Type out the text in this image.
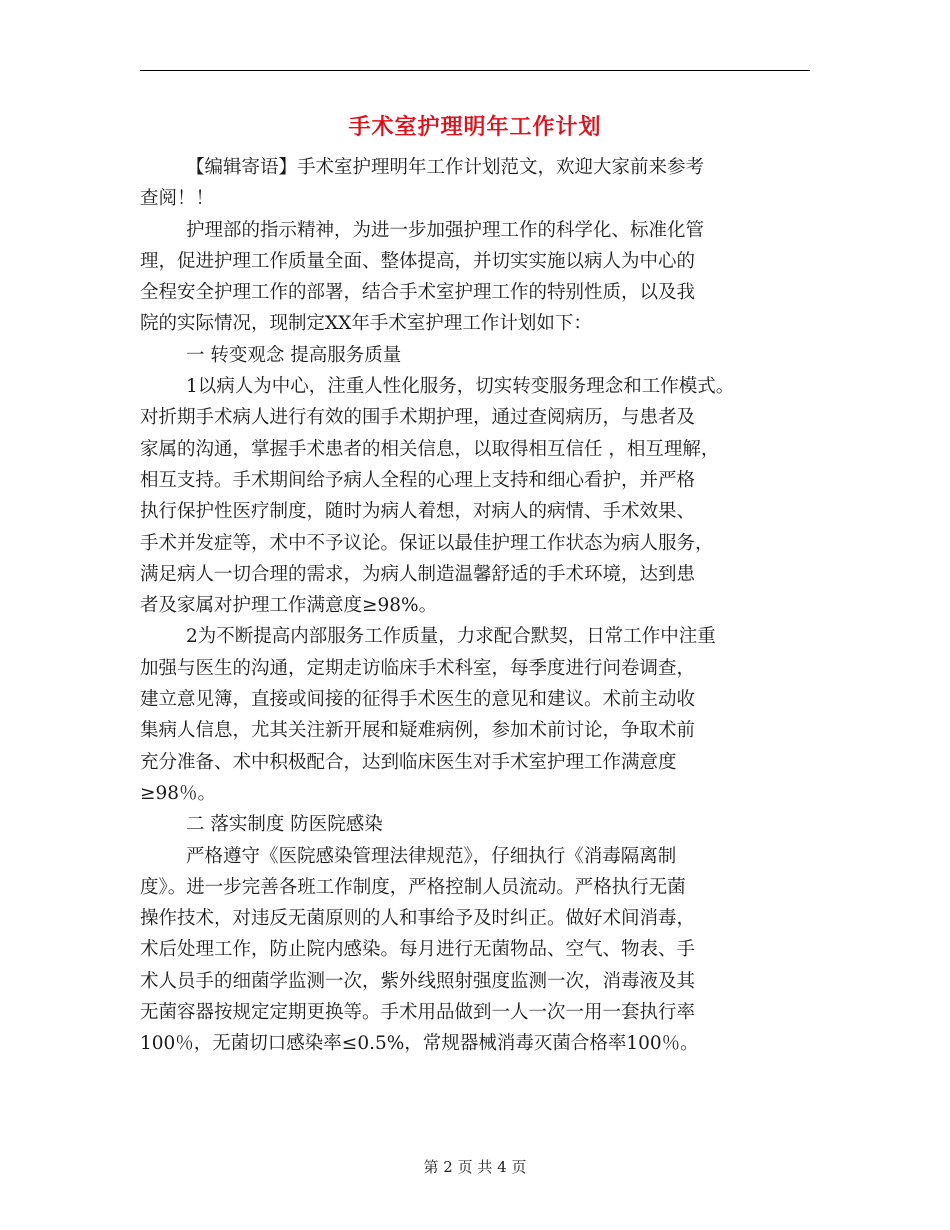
手术室护理明年工作计划
【编辑寄语】手术室护理明年工作计划范文，欢迎大家前来参考
查阅！！
护理部的指示精神，为进一步加强护理工作的科学化、标准化管
理，促进护理工作质量全面、整体提高，并切实实施以病人为中心的
全程安全护理工作的部署，结合手术室护理工作的特别性质，以及我
院的实际情况，现制定XX年手术室护理工作计划如下：
一 转变观念 提高服务质量
1以病人为中心，注重人性化服务，切实转变服务理念和工作模式。
对折期手术病人进行有效的围手术期护理，通过查阅病历，与患者及
家属的沟通，掌握手术患者的相关信息，以取得相互信任 ，相互理解，
相互支持。手术期间给予病人全程的心理上支持和细心看护，并严格
执行保护性医疗制度，随时为病人着想，对病人的病情、手术效果、
手术并发症等，术中不予议论。保证以最佳护理工作状态为病人服务，
满足病人一切合理的需求，为病人制造温馨舒适的手术环境，达到患
者及家属对护理工作满意度≥98%。
2为不断提高内部服务工作质量，力求配合默契，日常工作中注重
加强与医生的沟通，定期走访临床手术科室，每季度进行问卷调查，
建立意见簿，直接或间接的征得手术医生的意见和建议。术前主动收
集病人信息，尤其关注新开展和疑难病例，参加术前讨论，争取术前
充分准备、术中积极配合，达到临床医生对手术室护理工作满意度
≥98％。
二 落实制度 防医院感染
严格遵守《医院感染管理法律规范》，仔细执行《消毒隔离制
度》。进一步完善各班工作制度，严格控制人员流动。严格执行无菌
操作技术，对违反无菌原则的人和事给予及时纠正。做好术间消毒，
术后处理工作，防止院内感染。每月进行无菌物品、空气、物表、手
术人员手的细菌学监测一次，紫外线照射强度监测一次，消毒液及其
无菌容器按规定定期更换等。手术用品做到一人一次一用一套执行率
100％，无菌切口感染率≤0.5%，常规器械消毒灭菌合格率100％。
第 2 页 共 4 页
